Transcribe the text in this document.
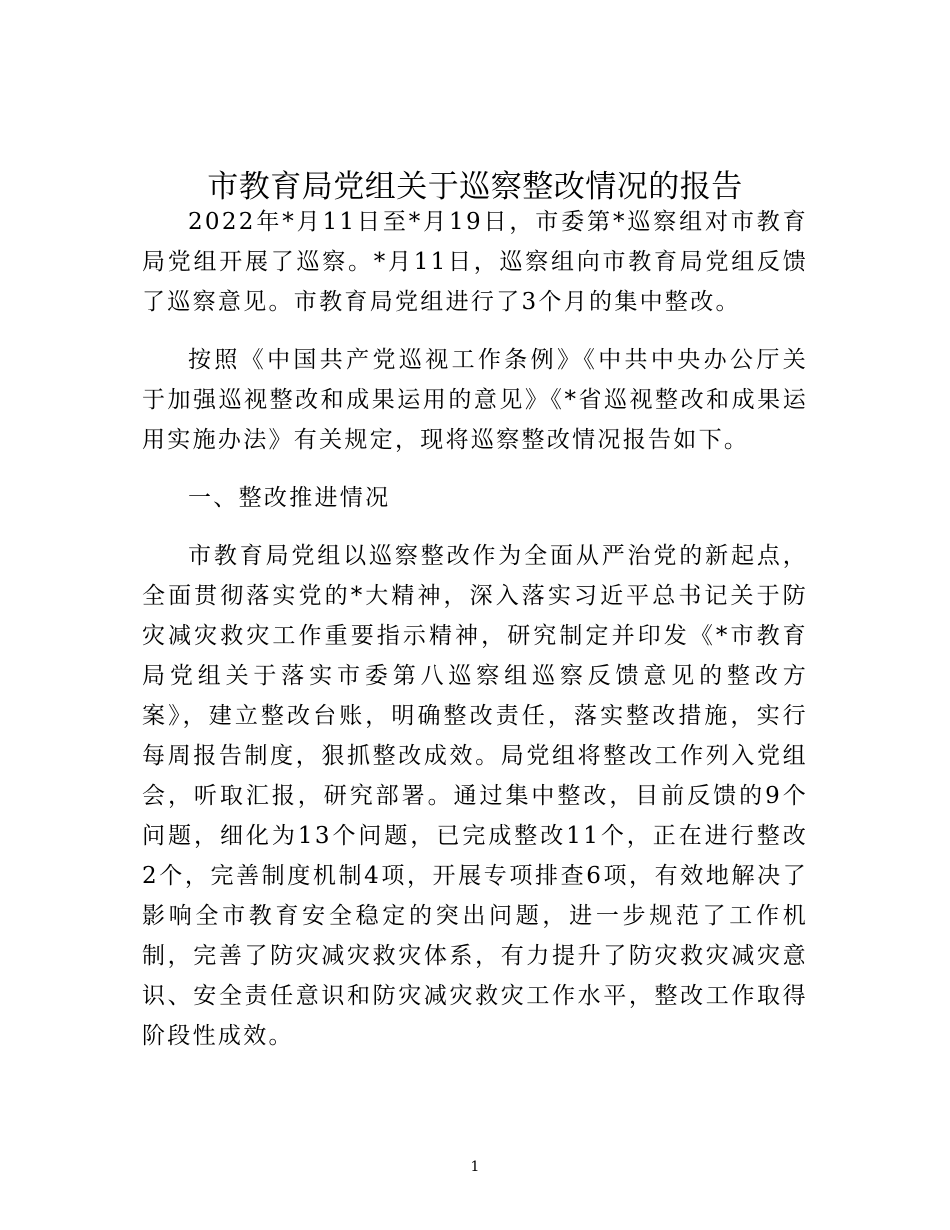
市教育局党组关于巡察整改情况的报告

2022年*月11日至*月19日，市委第*巡察组对市教育局党组开展了巡察。*月11日，巡察组向市教育局党组反馈了巡察意见。市教育局党组进行了3个月的集中整改。

按照《中国共产党巡视工作条例》《中共中央办公厅关于加强巡视整改和成果运用的意见》《*省巡视整改和成果运用实施办法》有关规定，现将巡察整改情况报告如下。

一、整改推进情况

市教育局党组以巡察整改作为全面从严治党的新起点，全面贯彻落实党的*大精神，深入落实习近平总书记关于防灾减灾救灾工作重要指示精神，研究制定并印发《*市教育局党组关于落实市委第八巡察组巡察反馈意见的整改方案》，建立整改台账，明确整改责任，落实整改措施，实行每周报告制度，狠抓整改成效。局党组将整改工作列入党组会，听取汇报，研究部署。通过集中整改，目前反馈的9个问题，细化为13个问题，已完成整改11个，正在进行整改2个，完善制度机制4项，开展专项排查6项，有效地解决了影响全市教育安全稳定的突出问题，进一步规范了工作机制，完善了防灾减灾救灾体系，有力提升了防灾救灾减灾意识、安全责任意识和防灾减灾救灾工作水平，整改工作取得阶段性成效。

1
